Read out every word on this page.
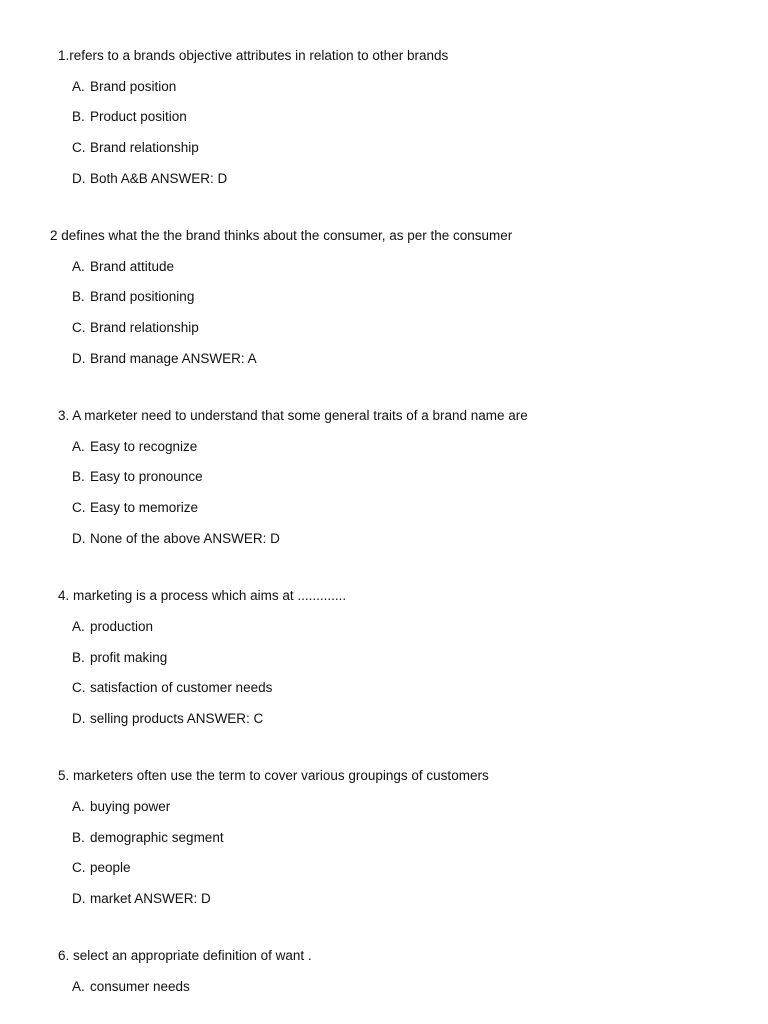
1.refers to a brands objective attributes in relation to other brands
A. Brand position
B. Product position
C. Brand relationship
D. Both A&B ANSWER: D
2 defines what the the brand thinks about the consumer, as per the consumer
A. Brand attitude
B. Brand positioning
C. Brand relationship
D. Brand manage ANSWER: A
3. A marketer need to understand that some general traits of a brand name are
A. Easy to recognize
B. Easy to pronounce
C. Easy to memorize
D. None of the above ANSWER: D
4. marketing is a process which aims at .............
A. production
B. profit making
C. satisfaction of customer needs
D. selling products ANSWER: C
5. marketers often use the term to cover various groupings of customers
A. buying power
B. demographic segment
C. people
D. market ANSWER: D
6. select an appropriate definition of want .
A. consumer needs
